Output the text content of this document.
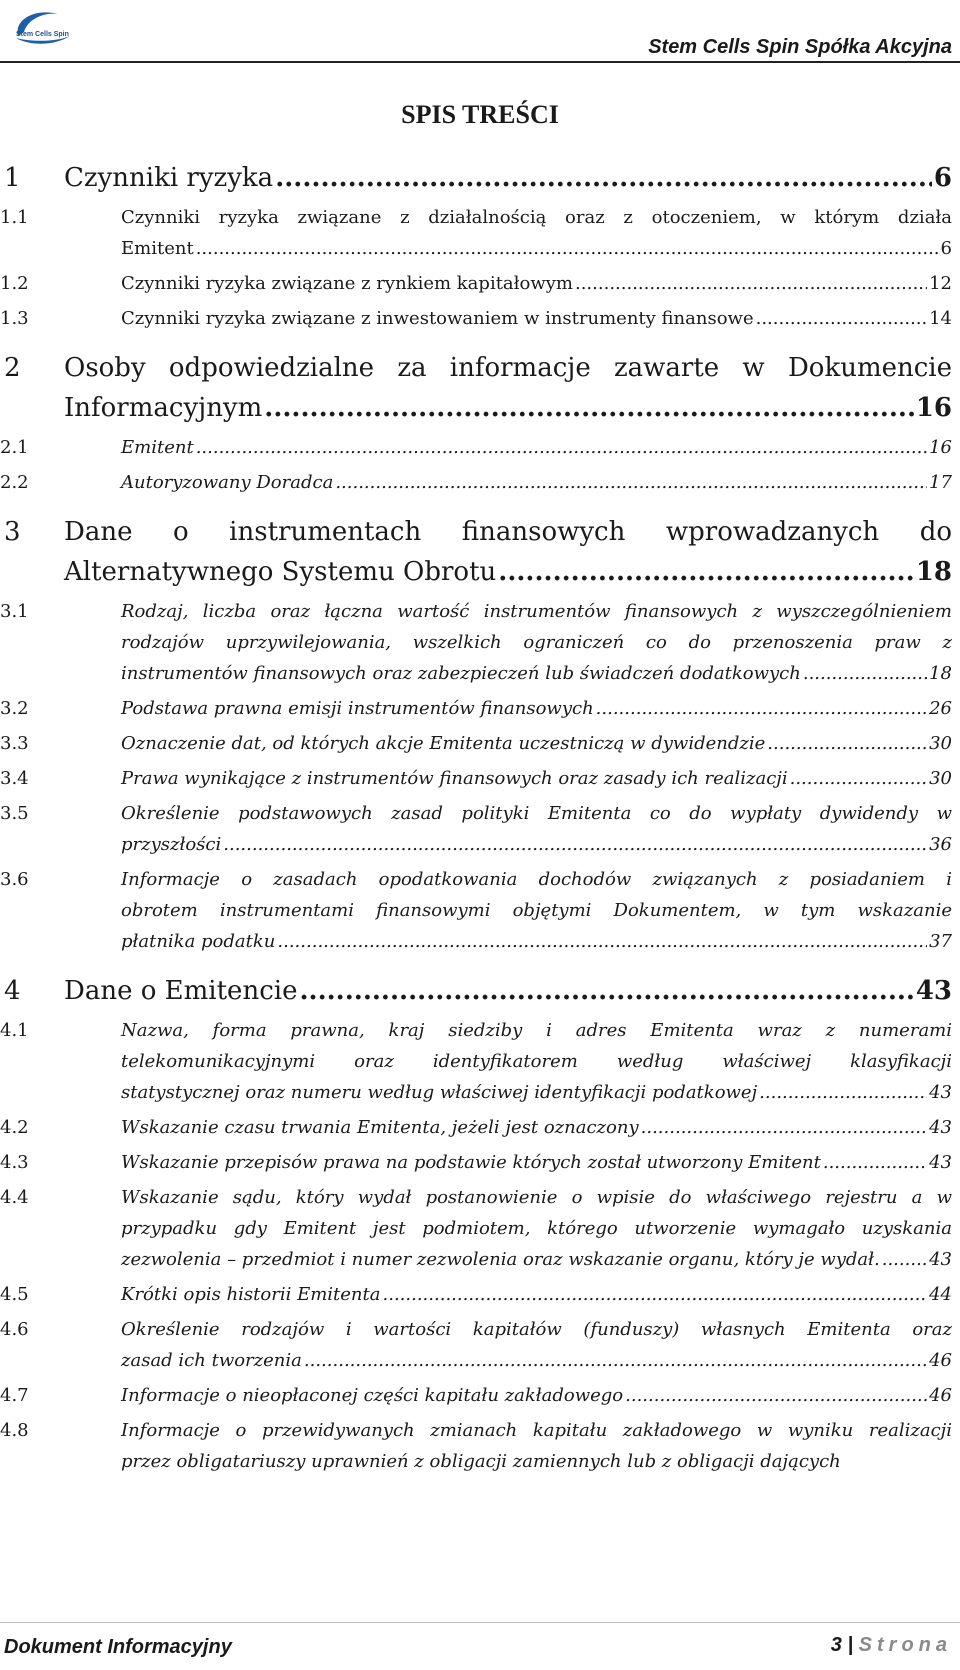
Stem Cells Spin
Stem Cells Spin Spółka Akcyjna
SPIS TREŚCI
1	Czynniki ryzyka .....	6
1.1	Czynniki ryzyka związane z działalnością oraz z otoczeniem, w którym działa
Emitent .....	6
1.2	Czynniki ryzyka związane z rynkiem kapitałowym .....	12
1.3	Czynniki ryzyka związane z inwestowaniem w instrumenty finansowe .....	14
2	Osoby odpowiedzialne za informacje zawarte w Dokumencie
Informacyjnym .....	16
2.1	Emitent .....	16
2.2	Autoryzowany Doradca .....	17
3	Dane o instrumentach finansowych wprowadzanych do
Alternatywnego Systemu Obrotu .....	18
3.1	Rodzaj, liczba oraz łączna wartość instrumentów finansowych z wyszczególnieniem
rodzajów uprzywilejowania, wszelkich ograniczeń co do przenoszenia praw z
instrumentów finansowych oraz zabezpieczeń lub świadczeń dodatkowych .....	18
3.2	Podstawa prawna emisji instrumentów finansowych .....	26
3.3	Oznaczenie dat, od których akcje Emitenta uczestniczą w dywidendzie .....	30
3.4	Prawa wynikające z instrumentów finansowych oraz zasady ich realizacji .....	30
3.5	Określenie podstawowych zasad polityki Emitenta co do wypłaty dywidendy w
przyszłości .....	36
3.6	Informacje o zasadach opodatkowania dochodów związanych z posiadaniem i
obrotem instrumentami finansowymi objętymi Dokumentem, w tym wskazanie
płatnika podatku .....	37
4	Dane o Emitencie .....	43
4.1	Nazwa, forma prawna, kraj siedziby i adres Emitenta wraz z numerami
telekomunikacyjnymi oraz identyfikatorem według właściwej klasyfikacji
statystycznej oraz numeru według właściwej identyfikacji podatkowej .....	43
4.2	Wskazanie czasu trwania Emitenta, jeżeli jest oznaczony .....	43
4.3	Wskazanie przepisów prawa na podstawie których został utworzony Emitent .....	43
4.4	Wskazanie sądu, który wydał postanowienie o wpisie do właściwego rejestru a w
przypadku gdy Emitent jest podmiotem, którego utworzenie wymagało uzyskania
zezwolenia – przedmiot i numer zezwolenia oraz wskazanie organu, który je wydał. .....	43
4.5	Krótki opis historii Emitenta .....	44
4.6	Określenie rodzajów i wartości kapitałów (funduszy) własnych Emitenta oraz
zasad ich tworzenia .....	46
4.7	Informacje o nieopłaconej części kapitału zakładowego .....	46
4.8	Informacje o przewidywanych zmianach kapitału zakładowego w wyniku realizacji
przez obligatariuszy uprawnień z obligacji zamiennych lub z obligacji dających
Dokument Informacyjny	3 | Strona
